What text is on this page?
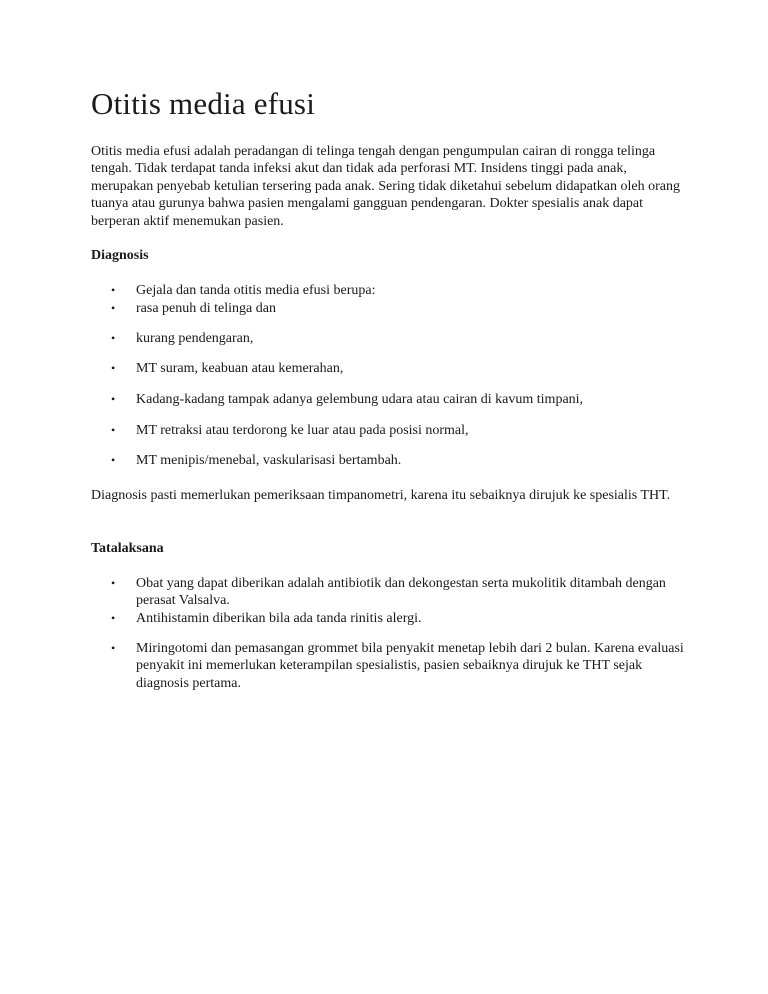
Otitis media efusi

Otitis media efusi adalah peradangan di telinga tengah dengan pengumpulan cairan di rongga telinga tengah. Tidak terdapat tanda infeksi akut dan tidak ada perforasi MT. Insidens tinggi pada anak, merupakan penyebab ketulian tersering pada anak. Sering tidak diketahui sebelum didapatkan oleh orang tuanya atau gurunya bahwa pasien mengalami gangguan pendengaran. Dokter spesialis anak dapat berperan aktif menemukan pasien.

Diagnosis
• Gejala dan tanda otitis media efusi berupa:
• rasa penuh di telinga dan
• kurang pendengaran,
• MT suram, keabuan atau kemerahan,
• Kadang-kadang tampak adanya gelembung udara atau cairan di kavum timpani,
• MT retraksi atau terdorong ke luar atau pada posisi normal,
• MT menipis/menebal, vaskularisasi bertambah.

Diagnosis pasti memerlukan pemeriksaan timpanometri, karena itu sebaiknya dirujuk ke spesialis THT.

Tatalaksana
• Obat yang dapat diberikan adalah antibiotik dan dekongestan serta mukolitik ditambah dengan perasat Valsalva.
• Antihistamin diberikan bila ada tanda rinitis alergi.
• Miringotomi dan pemasangan grommet bila penyakit menetap lebih dari 2 bulan. Karena evaluasi penyakit ini memerlukan keterampilan spesialistis, pasien sebaiknya dirujuk ke THT sejak diagnosis pertama.
